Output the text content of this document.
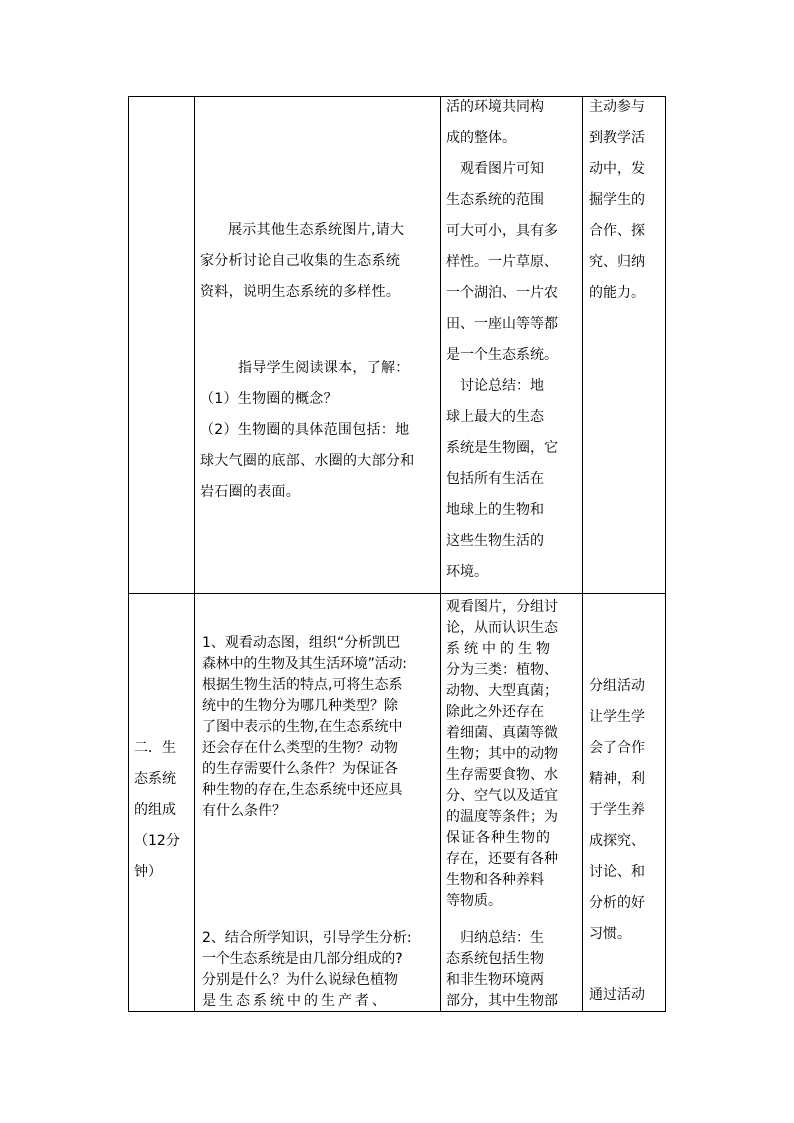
展示其他生态系统图片,请大

家分析讨论自己收集的生态系统

资料，说明生态系统的多样性。

指导学生阅读课本，了解：

（1）生物圈的概念？

（2）生物圈的具体范围包括：地

球大气圈的底部、水圈的大部分和

岩石圈的表面。

活的环境共同构

成的整体。

观看图片可知

生态系统的范围

可大可小，具有多

样性。一片草原、

一个湖泊、一片农

田、一座山等等都

是一个生态系统。

讨论总结：地

球上最大的生态

系统是生物圈，它

包括所有生活在

地球上的生物和

这些生物生活的

环境。

主动参与

到教学活

动中，发

掘学生的

合作、探

究、归纳

的能力。

二．生

态系统

的组成

（12分

钟）

1、观看动态图，组织“分析凯巴

森林中的生物及其生活环境”活动:

根据生物生活的特点,可将生态系

统中的生物分为哪几种类型？除

了图中表示的生物,在生态系统中

还会存在什么类型的生物？动物

的生存需要什么条件？为保证各

种生物的存在,生态系统中还应具

有什么条件？

2、结合所学知识，引导学生分析:

一个生态系统是由几部分组成的?

分别是什么？为什么说绿色植物

是生态系统中的生产者、

观看图片，分组讨

论，从而认识生态

系统中的生物

分为三类：植物、

动物、大型真菌；

除此之外还存在

着细菌、真菌等微

生物；其中的动物

生存需要食物、水

分、空气以及适宜

的温度等条件；为

保证各种生物的

存在，还要有各种

生物和各种养料

等物质。

归纳总结：生

态系统包括生物

和非生物环境两

部分，其中生物部

分组活动

让学生学

会了合作

精神，利

于学生养

成探究、

讨论、和

分析的好

习惯。

通过活动
